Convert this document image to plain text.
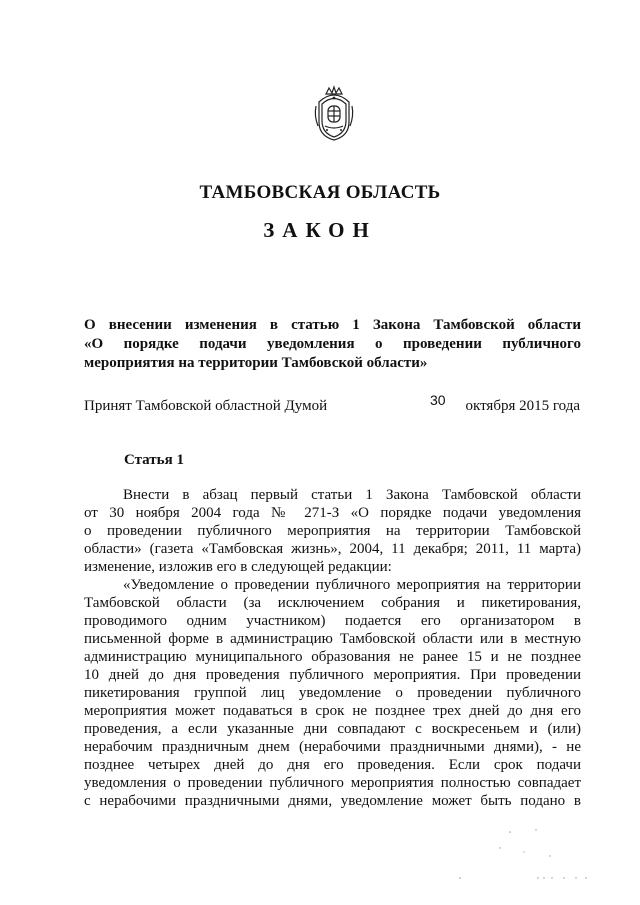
ТАМБОВСКАЯ ОБЛАСТЬ
ЗАКОН
О внесении изменения в статью 1 Закона Тамбовской области
«О порядке подачи уведомления о проведении публичного
мероприятия на территории Тамбовской области»
Принят Тамбовской областной Думой	30 октября 2015 года
Статья 1
Внести в абзац первый статьи 1 Закона Тамбовской области
от 30 ноября 2004 года № 271-З «О порядке подачи уведомления
о проведении публичного мероприятия на территории Тамбовской
области» (газета «Тамбовская жизнь», 2004, 11 декабря; 2011, 11 марта)
изменение, изложив его в следующей редакции:
«Уведомление о проведении публичного мероприятия на территории
Тамбовской области (за исключением собрания и пикетирования,
проводимого одним участником) подается его организатором в
письменной форме в администрацию Тамбовской области или в местную
администрацию муниципального образования не ранее 15 и не позднее
10 дней до дня проведения публичного мероприятия. При проведении
пикетирования группой лиц уведомление о проведении публичного
мероприятия может подаваться в срок не позднее трех дней до дня его
проведения, а если указанные дни совпадают с воскресеньем и (или)
нерабочим праздничным днем (нерабочими праздничными днями), - не
позднее четырех дней до дня его проведения. Если срок подачи
уведомления о проведении публичного мероприятия полностью совпадает
с нерабочими праздничными днями, уведомление может быть подано в
